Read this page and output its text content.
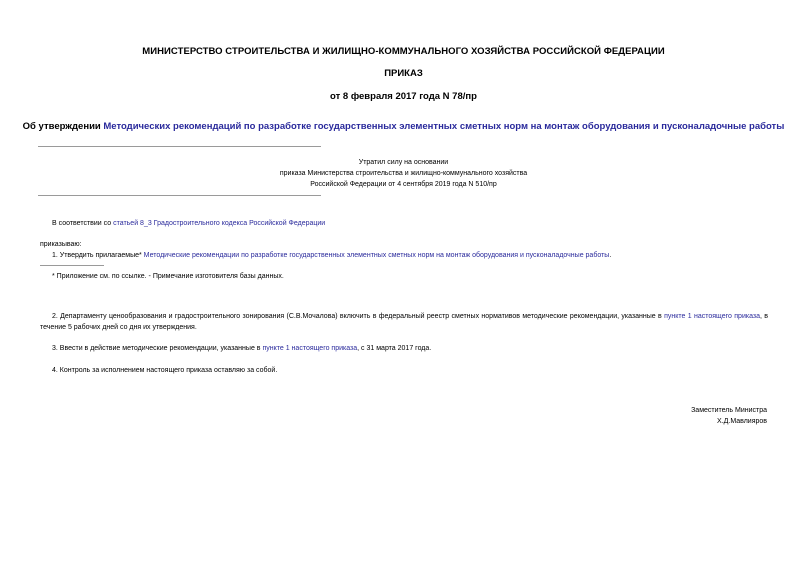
МИНИСТЕРСТВО СТРОИТЕЛЬСТВА И ЖИЛИЩНО-КОММУНАЛЬНОГО ХОЗЯЙСТВА РОССИЙСКОЙ ФЕДЕРАЦИИ
ПРИКАЗ
от 8 февраля 2017 года N 78/пр
Об утверждении Методических рекомендаций по разработке государственных элементных сметных норм на монтаж оборудования и пусконаладочные работы
Утратил силу на основании
приказа Министерства строительства и жилищно-коммунального хозяйства
Российской Федерации от 4 сентября 2019 года N 510/пр
В соответствии со статьей 8_3 Градостроительного кодекса Российской Федерации
приказываю:
1. Утвердить прилагаемые* Методические рекомендации по разработке государственных элементных сметных норм на монтаж оборудования и пусконаладочные работы.
* Приложение см. по ссылке. - Примечание изготовителя базы данных.
2. Департаменту ценообразования и градостроительного зонирования (С.В.Мочалова) включить в федеральный реестр сметных нормативов методические рекомендации, указанные в пункте 1 настоящего приказа, в течение 5 рабочих дней со дня их утверждения.
3. Ввести в действие методические рекомендации, указанные в пункте 1 настоящего приказа, с 31 марта 2017 года.
4. Контроль за исполнением настоящего приказа оставляю за собой.
Заместитель Министра
Х.Д.Мавлияров
